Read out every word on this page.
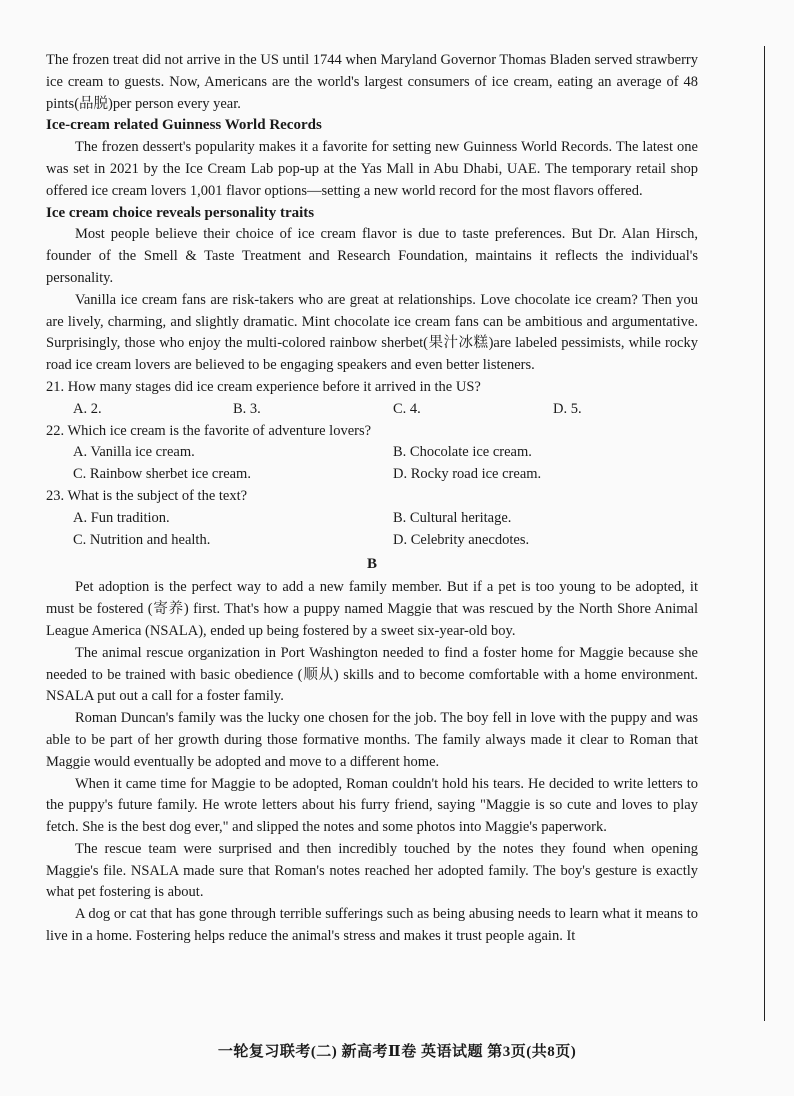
The frozen treat did not arrive in the US until 1744 when Maryland Governor Thomas Bladen served strawberry ice cream to guests. Now, Americans are the world's largest consumers of ice cream, eating an average of 48 pints(品脱)per person every year.

Ice-cream related Guinness World Records

The frozen dessert's popularity makes it a favorite for setting new Guinness World Records. The latest one was set in 2021 by the Ice Cream Lab pop-up at the Yas Mall in Abu Dhabi, UAE. The temporary retail shop offered ice cream lovers 1,001 flavor options—setting a new world record for the most flavors offered.

Ice cream choice reveals personality traits

Most people believe their choice of ice cream flavor is due to taste preferences. But Dr. Alan Hirsch, founder of the Smell & Taste Treatment and Research Foundation, maintains it reflects the individual's personality.

Vanilla ice cream fans are risk-takers who are great at relationships. Love chocolate ice cream? Then you are lively, charming, and slightly dramatic. Mint chocolate ice cream fans can be ambitious and argumentative. Surprisingly, those who enjoy the multi-colored rainbow sherbet(果汁冰糕)are labeled pessimists, while rocky road ice cream lovers are believed to be engaging speakers and even better listeners.

21. How many stages did ice cream experience before it arrived in the US?
A. 2.	B. 3.	C. 4.	D. 5.
22. Which ice cream is the favorite of adventure lovers?
A. Vanilla ice cream.	B. Chocolate ice cream.
C. Rainbow sherbet ice cream.	D. Rocky road ice cream.
23. What is the subject of the text?
A. Fun tradition.	B. Cultural heritage.
C. Nutrition and health.	D. Celebrity anecdotes.
B

Pet adoption is the perfect way to add a new family member. But if a pet is too young to be adopted, it must be fostered (寄养) first. That's how a puppy named Maggie that was rescued by the North Shore Animal League America (NSALA), ended up being fostered by a sweet six-year-old boy.

The animal rescue organization in Port Washington needed to find a foster home for Maggie because she needed to be trained with basic obedience (顺从) skills and to become comfortable with a home environment. NSALA put out a call for a foster family.

Roman Duncan's family was the lucky one chosen for the job. The boy fell in love with the puppy and was able to be part of her growth during those formative months. The family always made it clear to Roman that Maggie would eventually be adopted and move to a different home.

When it came time for Maggie to be adopted, Roman couldn't hold his tears. He decided to write letters to the puppy's future family. He wrote letters about his furry friend, saying "Maggie is so cute and loves to play fetch. She is the best dog ever," and slipped the notes and some photos into Maggie's paperwork.

The rescue team were surprised and then incredibly touched by the notes they found when opening Maggie's file. NSALA made sure that Roman's notes reached her adopted family. The boy's gesture is exactly what pet fostering is about.

A dog or cat that has gone through terrible sufferings such as being abusing needs to learn what it means to live in a home. Fostering helps reduce the animal's stress and makes it trust people again. It

一轮复习联考(二) 新高考Ⅱ卷 英语试题 第3页(共8页)
